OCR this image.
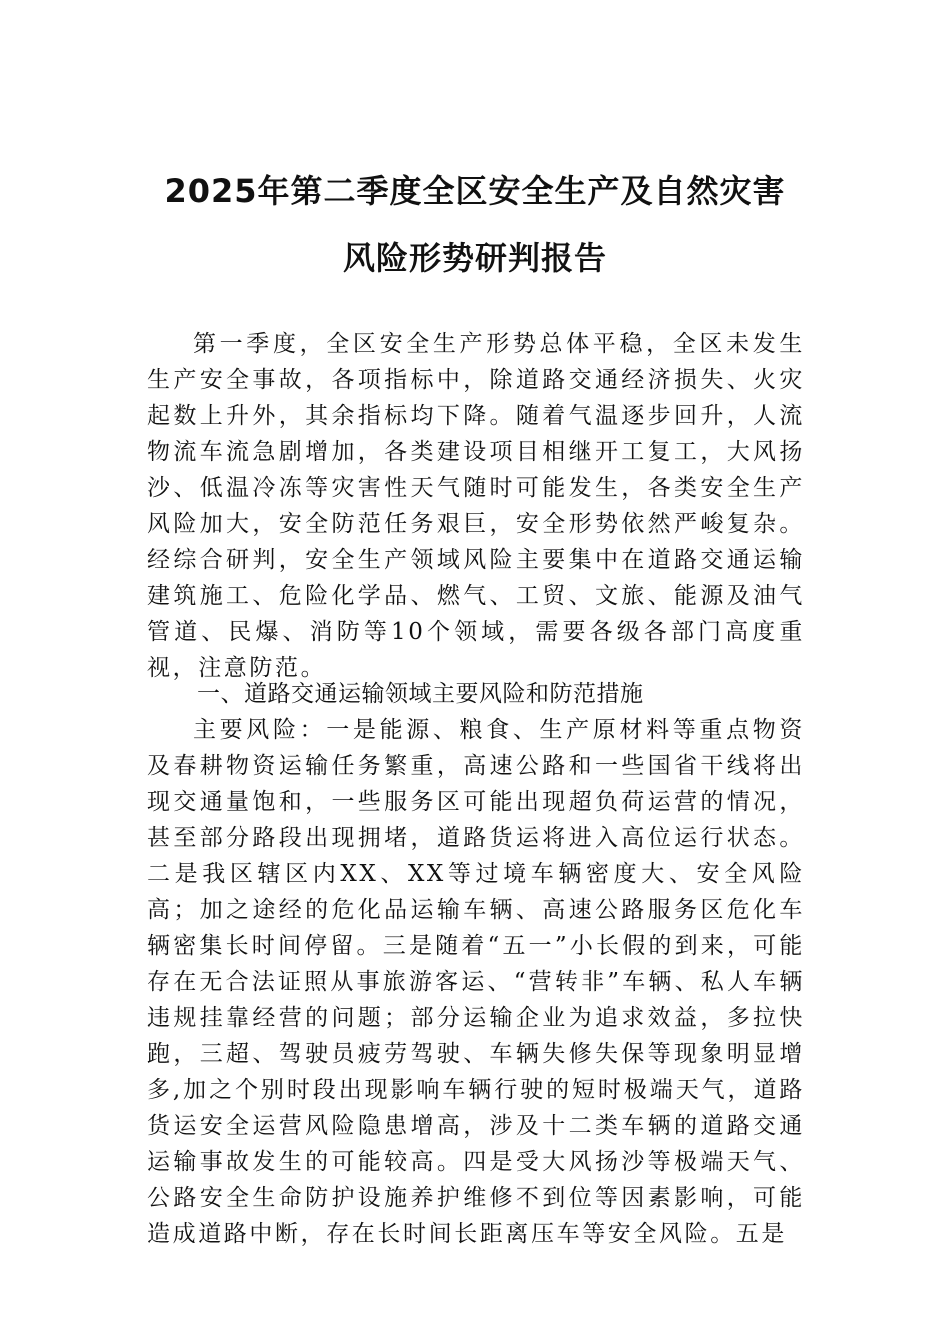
2025年第二季度全区安全生产及自然灾害
风险形势研判报告

第一季度，全区安全生产形势总体平稳，全区未发生生产安全事故，各项指标中，除道路交通经济损失、火灾起数上升外，其余指标均下降。随着气温逐步回升，人流物流车流急剧增加，各类建设项目相继开工复工，大风扬沙、低温冷冻等灾害性天气随时可能发生，各类安全生产风险加大，安全防范任务艰巨，安全形势依然严峻复杂。经综合研判，安全生产领域风险主要集中在道路交通运输建筑施工、危险化学品、燃气、工贸、文旅、能源及油气管道、民爆、消防等10个领域，需要各级各部门高度重视，注意防范。

一、道路交通运输领域主要风险和防范措施

主要风险：一是能源、粮食、生产原材料等重点物资及春耕物资运输任务繁重，高速公路和一些国省干线将出现交通量饱和，一些服务区可能出现超负荷运营的情况，甚至部分路段出现拥堵，道路货运将进入高位运行状态。二是我区辖区内XX、XX等过境车辆密度大、安全风险高；加之途经的危化品运输车辆、高速公路服务区危化车辆密集长时间停留。三是随着“五一”小长假的到来，可能存在无合法证照从事旅游客运、“营转非”车辆、私人车辆违规挂靠经营的问题；部分运输企业为追求效益，多拉快跑，三超、驾驶员疲劳驾驶、车辆失修失保等现象明显增多,加之个别时段出现影响车辆行驶的短时极端天气，道路货运安全运营风险隐患增高，涉及十二类车辆的道路交通运输事故发生的可能较高。四是受大风扬沙等极端天气、公路安全生命防护设施养护维修不到位等因素影响，可能造成道路中断，存在长时间长距离压车等安全风险。五是
